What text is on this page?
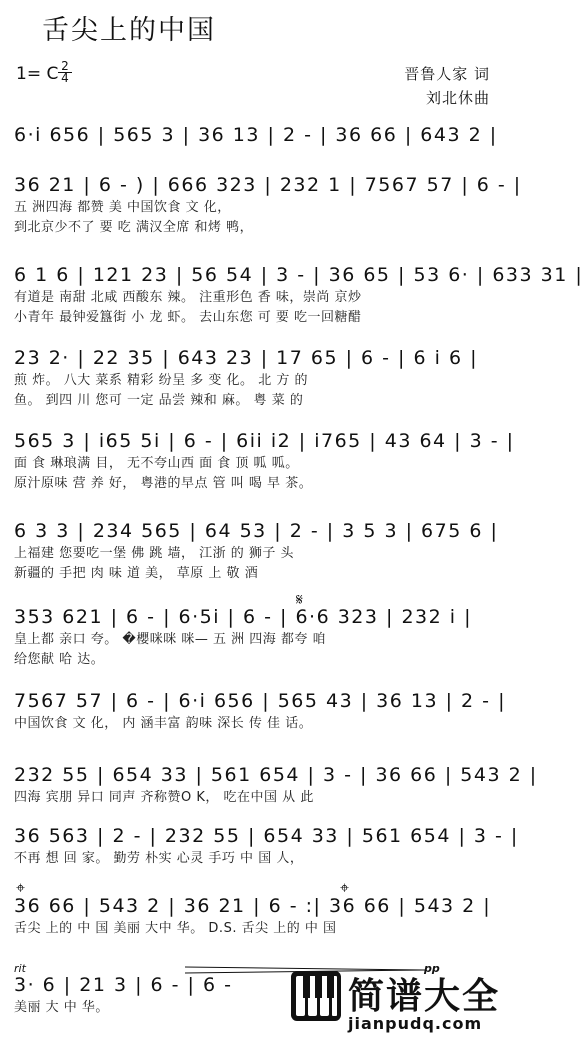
舌尖上的中国
1= C 2
4	晋鲁人家 词
刘北休曲
6·i 656 | 565 3 | 36 13 | 2 - | 36 66 | 643 2 |
36 21 | 6 - ) | 666 323 | 232 1 | 7567 57 | 6 - |
五 洲四海 都赞 美 中国饮食 文 化，
到北京少不了 要 吃 满汉全席 和烤 鸭，
6 1 6 | 121 23 | 56 54 | 3 - | 36 65 | 53 6· | 633 31 |
有道是 南甜 北咸 西酸东 辣。 注重形色 香 味，崇尚 京炒
小青年 最钟爱簋街 小 龙 虾。 去山东您 可 要 吃一回糖醋
23 2· | 22 35 | 643 23 | 17 65 | 6 - | 6 i 6 |
煎 炸。 八大 菜系 精彩 纷呈 多 变 化。 北 方 的
鱼。 到四 川 您可 一定 品尝 辣和 麻。 粤 菜 的
565 3 | i65 5i | 6 - | 6ii i2 | i765 | 43 64 | 3 - |
面 食 琳琅满 目， 无不夸山西 面 食 顶 呱 呱。
原汁原味 营 养 好， 粤港的早点 管 叫 喝 早 茶。
6 3 3 | 234 565 | 64 53 | 2 - | 3 5 3 | 675 6 |
上福建 您要吃一堡 佛 跳 墙， 江浙 的 狮子 头
新疆的 手把 肉 味 道 美， 草原 上 敬 酒
353 621 | 6 - | 6·5i | 6 - | 6·6 323 | 232 i |
皇上都 亲口 夸。 �櫻咪咪 咪— 五 洲 四海 都夸 咱
给您献 哈 达。
7567 57 | 6 - | 6·i 656 | 565 43 | 36 13 | 2 - |
中国饮食 文 化， 内 涵丰富 韵味 深长 传 佳 话。
232 55 | 654 33 | 561 654 | 3 - | 36 66 | 543 2 |
四海 宾朋 异口 同声 齐称赞O K， 吃在中国 从 此
36 563 | 2 - | 232 55 | 654 33 | 561 654 | 3 - |
不再 想 回 家。 勤劳 朴实 心灵 手巧 中 国 人，
36 66 | 543 2 | 36 21 | 6 - :| 36 66 | 543 2 |
舌尖 上的 中 国 美丽 大中 华。 D.S. 舌尖 上的 中 国
3· 6 | 21 3 | 6 - | 6 -
美丽 大 中 华。
𝄋
⌖	⌖
rit	pp
简谱大全
jianpudq.com
